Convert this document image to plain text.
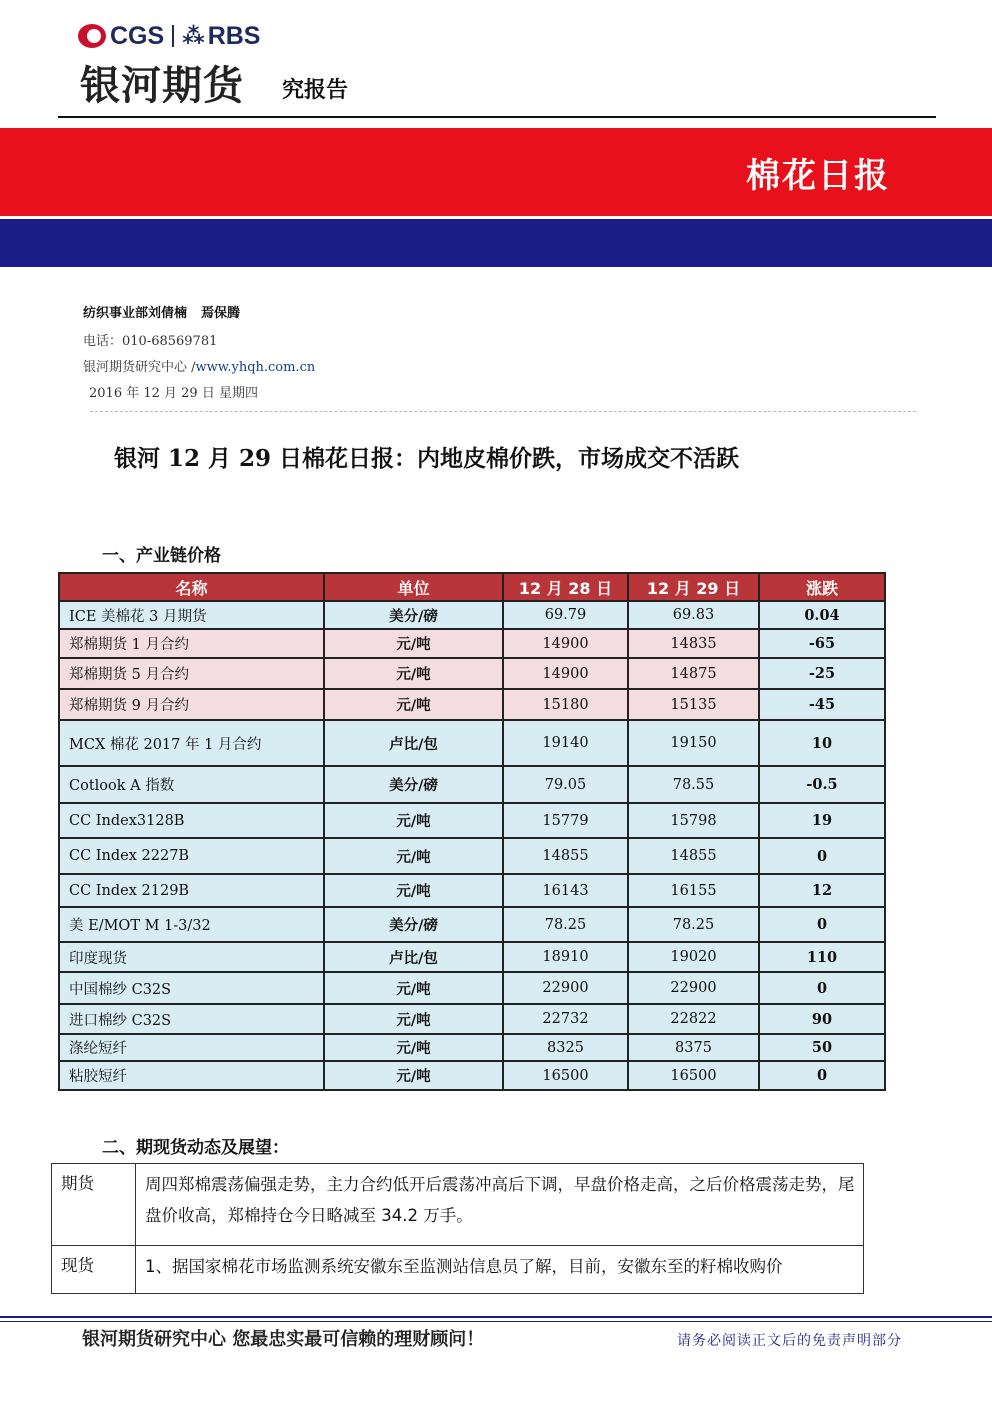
CGS ⁂ RBS
银河期货 究报告
棉花日报
纺织事业部刘倩楠 焉保腾
电话：010-68569781
银河期货研究中心 /www.yhqh.com.cn
2016 年 12 月 29 日 星期四
银河 12 月 29 日棉花日报：内地皮棉价跌，市场成交不活跃
一、产业链价格
名称	单位	12 月 28 日	12 月 29 日	涨跌
ICE 美棉花 3 月期货	美分/磅	69.79	69.83	0.04
郑棉期货 1 月合约	元/吨	14900	14835	-65
郑棉期货 5 月合约	元/吨	14900	14875	-25
郑棉期货 9 月合约	元/吨	15180	15135	-45
MCX 棉花 2017 年 1 月合约	卢比/包	19140	19150	10
Cotlook A 指数	美分/磅	79.05	78.55	-0.5
CC Index3128B	元/吨	15779	15798	19
CC Index 2227B	元/吨	14855	14855	0
CC Index 2129B	元/吨	16143	16155	12
美 E/MOT M 1-3/32	美分/磅	78.25	78.25	0
印度现货	卢比/包	18910	19020	110
中国棉纱 C32S	元/吨	22900	22900	0
进口棉纱 C32S	元/吨	22732	22822	90
涤纶短纤	元/吨	8325	8375	50
粘胶短纤	元/吨	16500	16500	0
二、期现货动态及展望：
期货	周四郑棉震荡偏强走势，主力合约低开后震荡冲高后下调，早盘价格走高，之后价格震荡走势，尾盘价收高，郑棉持仓今日略减至 34.2 万手。
现货	1、据国家棉花市场监测系统安徽东至监测站信息员了解，目前，安徽东至的籽棉收购价
银河期货研究中心 您最忠实最可信赖的理财顾问！	请务必阅读正文后的免责声明部分
